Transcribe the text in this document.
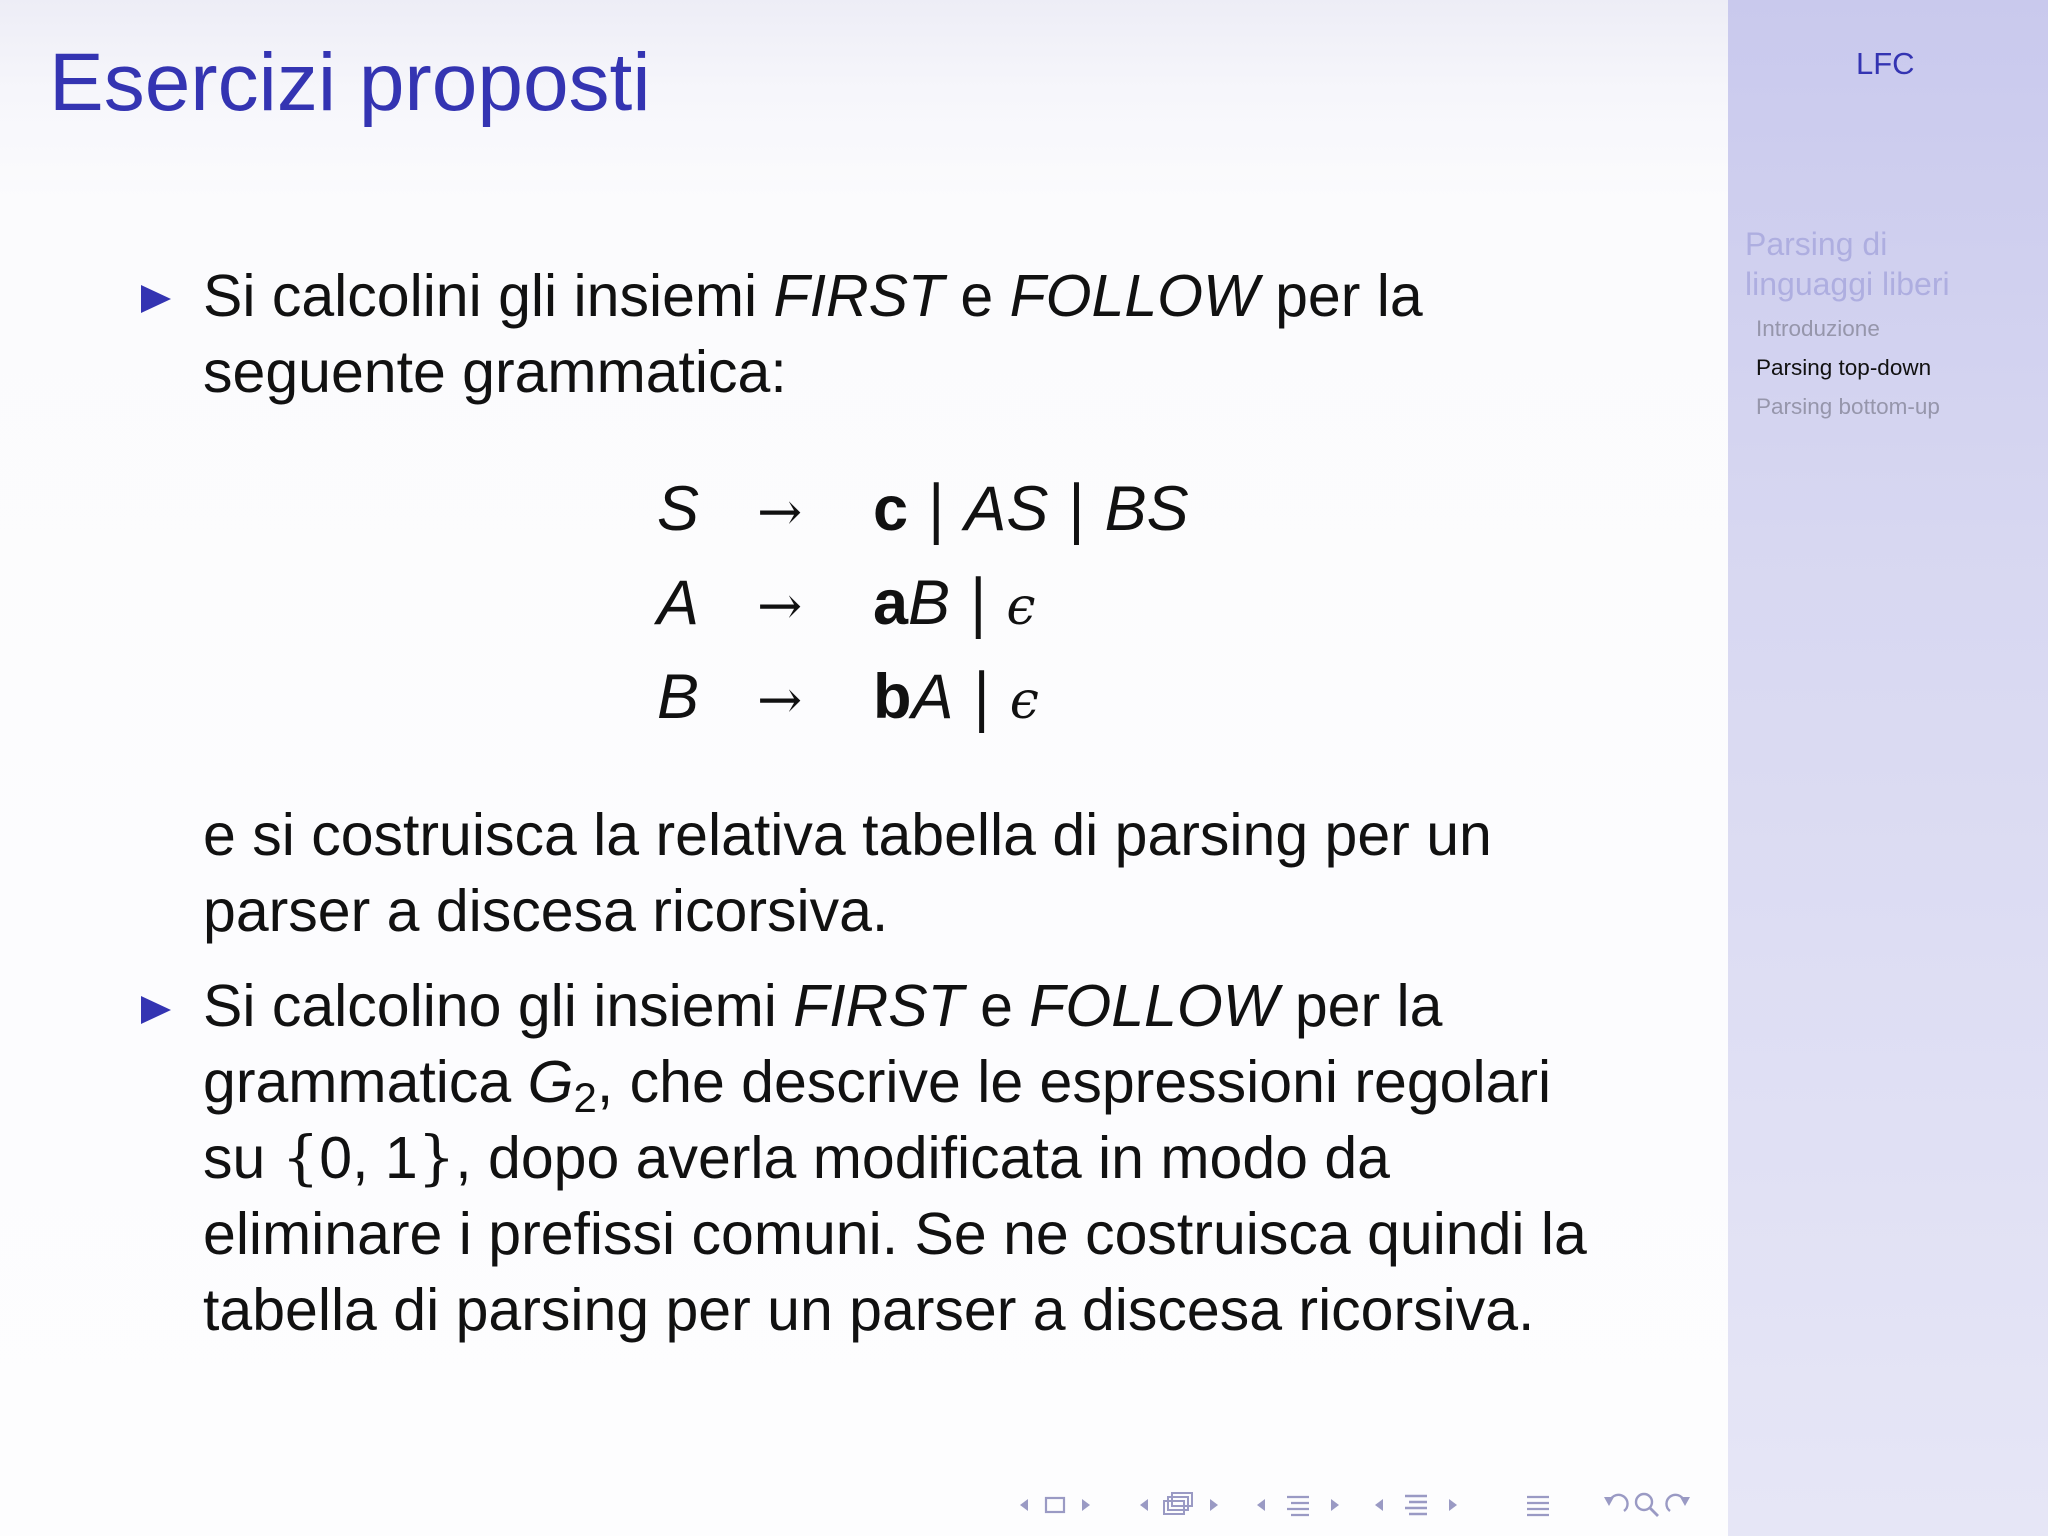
Esercizi proposti	LFC
Parsing di
linguaggi liberi
Introduzione
Parsing top-down
Parsing bottom-up
Si calcolini gli insiemi FIRST e FOLLOW per la
seguente grammatica:
S → c | AS | BS
A → aB | ϵ
B → bA | ϵ
e si costruisca la relativa tabella di parsing per un
parser a discesa ricorsiva.
Si calcolino gli insiemi FIRST e FOLLOW per la
grammatica $G_2$, che descrive le espressioni regolari
su {0, 1}, dopo averla modificata in modo da
eliminare i prefissi comuni. Se ne costruisca quindi la
tabella di parsing per un parser a discesa ricorsiva.
